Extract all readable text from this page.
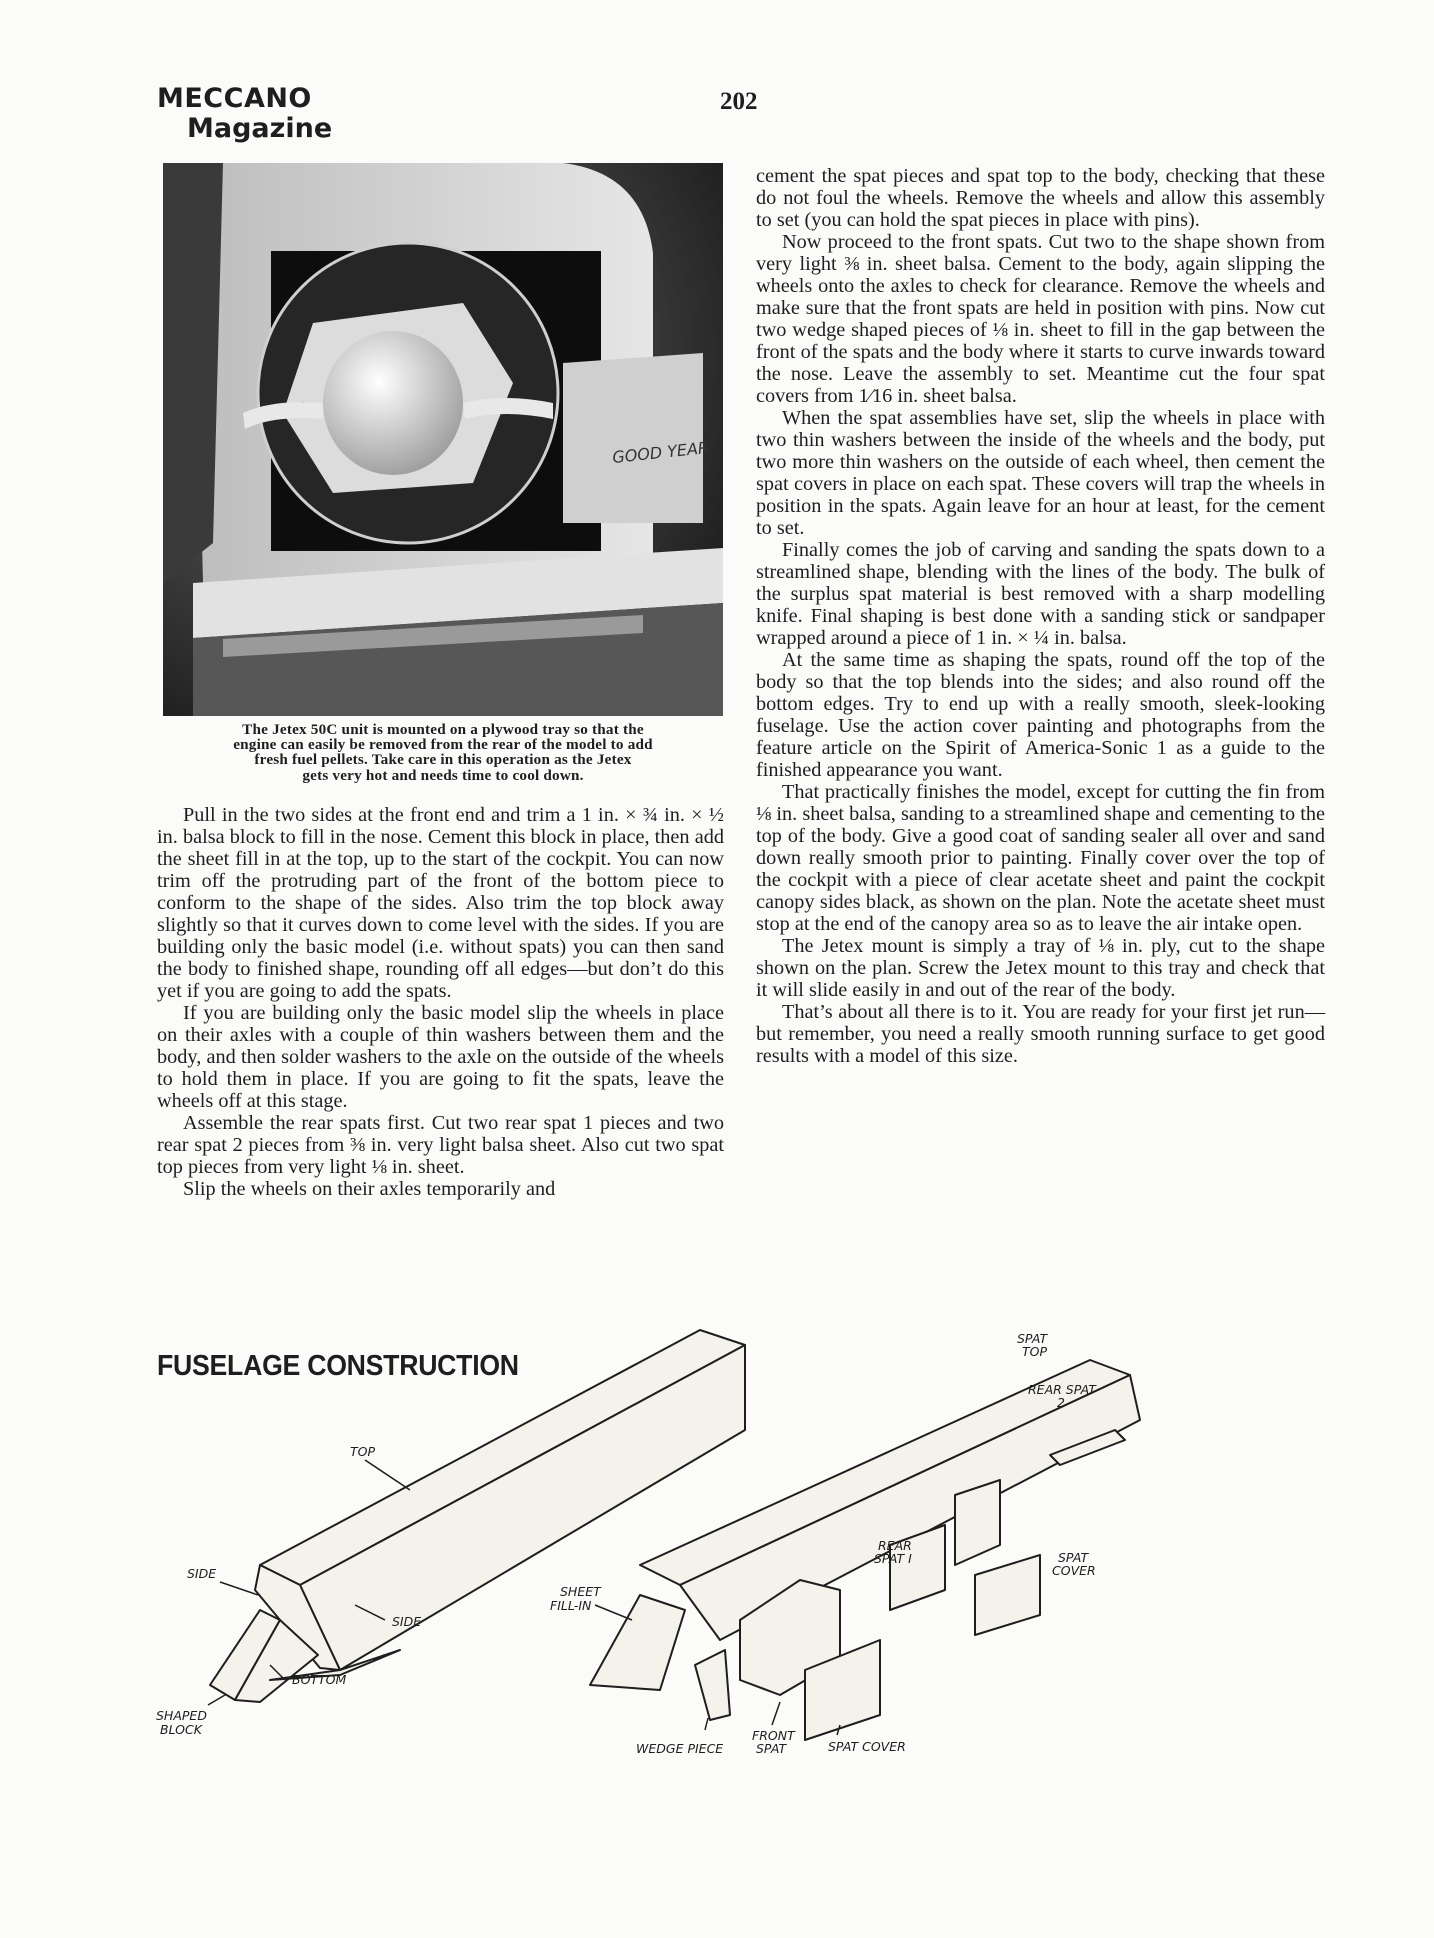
MECCANO
Magazine
202
GOOD YEAR
The Jetex 50C unit is mounted on a plywood tray so that the
engine can easily be removed from the rear of the model to add
fresh fuel pellets. Take care in this operation as the Jetex
gets very hot and needs time to cool down.

Pull in the two sides at the front end and trim a 1 in. × ¾ in. × ½ in. balsa block to fill in the nose. Cement this block in place, then add the sheet fill in at the top, up to the start of the cockpit. You can now trim off the protruding part of the front of the bottom piece to conform to the shape of the sides. Also trim the top block away slightly so that it curves down to come level with the sides. If you are building only the basic model (i.e. without spats) you can then sand the body to finished shape, rounding off all edges—but don’t do this yet if you are going to add the spats.

If you are building only the basic model slip the wheels in place on their axles with a couple of thin washers between them and the body, and then solder washers to the axle on the outside of the wheels to hold them in place. If you are going to fit the spats, leave the wheels off at this stage.

Assemble the rear spats first. Cut two rear spat 1 pieces and two rear spat 2 pieces from ⅜ in. very light balsa sheet. Also cut two spat top pieces from very light ⅛ in. sheet.

Slip the wheels on their axles temporarily and

cement the spat pieces and spat top to the body, checking that these do not foul the wheels. Remove the wheels and allow this assembly to set (you can hold the spat pieces in place with pins).

Now proceed to the front spats. Cut two to the shape shown from very light ⅜ in. sheet balsa. Cement to the body, again slipping the wheels onto the axles to check for clearance. Remove the wheels and make sure that the front spats are held in position with pins. Now cut two wedge shaped pieces of ⅛ in. sheet to fill in the gap between the front of the spats and the body where it starts to curve inwards toward the nose. Leave the assembly to set. Meantime cut the four spat covers from 1⁄16 in. sheet balsa.

When the spat assemblies have set, slip the wheels in place with two thin washers between the inside of the wheels and the body, put two more thin washers on the outside of each wheel, then cement the spat covers in place on each spat. These covers will trap the wheels in position in the spats. Again leave for an hour at least, for the cement to set.

Finally comes the job of carving and sanding the spats down to a streamlined shape, blending with the lines of the body. The bulk of the surplus spat material is best removed with a sharp modelling knife. Final shaping is best done with a sanding stick or sandpaper wrapped around a piece of 1 in. × ¼ in. balsa.

At the same time as shaping the spats, round off the top of the body so that the top blends into the sides; and also round off the bottom edges. Try to end up with a really smooth, sleek-looking fuselage. Use the action cover painting and photographs from the feature article on the Spirit of America-Sonic 1 as a guide to the finished appearance you want.

That practically finishes the model, except for cutting the fin from ⅛ in. sheet balsa, sanding to a streamlined shape and cementing to the top of the body. Give a good coat of sanding sealer all over and sand down really smooth prior to painting. Finally cover over the top of the cockpit with a piece of clear acetate sheet and paint the cockpit canopy sides black, as shown on the plan. Note the acetate sheet must stop at the end of the canopy area so as to leave the air intake open.

The Jetex mount is simply a tray of ⅛ in. ply, cut to the shape shown on the plan. Screw the Jetex mount to this tray and check that it will slide easily in and out of the rear of the body.

That’s about all there is to it. You are ready for your first jet run—but remember, you need a really smooth running surface to get good results with a model of this size.

TOP
SIDE
SIDE
BOTTOM
SHAPED
BLOCK
SHEET
FILL-IN
WEDGE PIECE
FRONT
SPAT	SPAT COVER
SPAT
TOP
REAR SPAT
2
REAR
SPAT I	SPAT
COVER
FUSELAGE CONSTRUCTION
